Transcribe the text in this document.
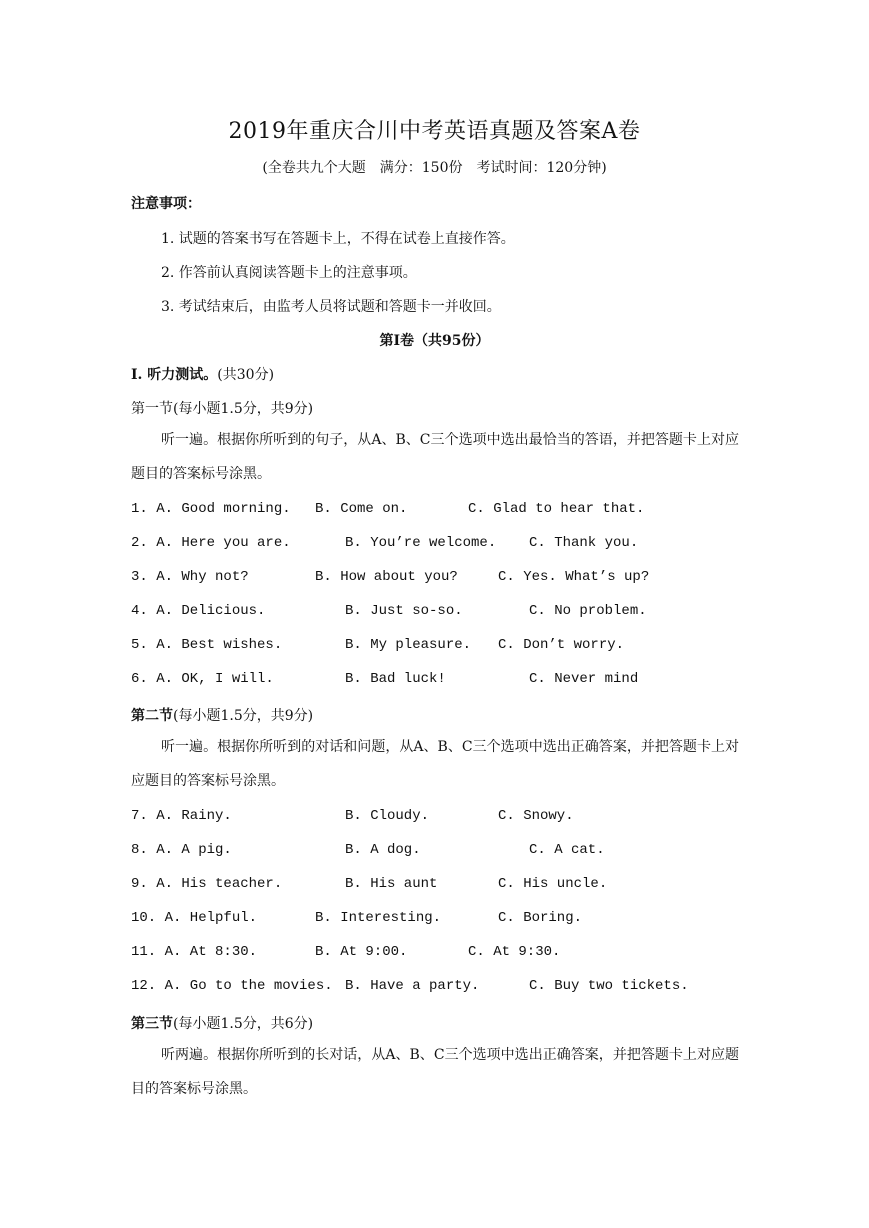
2019年重庆合川中考英语真题及答案A卷
(全卷共九个大题　满分：150份　考试时间：120分钟)
注意事项：
1. 试题的答案书写在答题卡上，不得在试卷上直接作答。
2. 作答前认真阅读答题卡上的注意事项。
3. 考试结束后，由监考人员将试题和答题卡一并收回。
第Ⅰ卷（共95份）
I. 听力测试。(共30分)
第一节(每小题1.5分，共9分)
听一遍。根据你所听到的句子，从A、B、C三个选项中选出最恰当的答语，并把答题卡上对应题目的答案标号涂黑。
1. A. Good morning. B. Come on.	C. Glad to hear that.
2. A. Here you are.	B. You’re welcome. C. Thank you.
3. A. Why not?	B. How about you?	C. Yes. What’s up?
4. A. Delicious.	B. Just so-so.	C. No problem.
5. A. Best wishes.	B. My pleasure. C. Don’t worry.
6. A. OK, I will.	B. Bad luck!	C. Never mind
第二节(每小题1.5分，共9分)
听一遍。根据你所听到的对话和问题，从A、B、C三个选项中选出正确答案，并把答题卡上对应题目的答案标号涂黑。
7. A. Rainy.	B. Cloudy.	C. Snowy.
8. A. A pig.	B. A dog.	C. A cat.
9. A. His teacher.	B. His aunt	C. His uncle.
10. A. Helpful.	B. Interesting.	C. Boring.
11. A. At 8:30.	B. At 9:00.	C. At 9:30.
12. A. Go to the movies. B. Have a party.	C. Buy two tickets.
第三节(每小题1.5分，共6分)
听两遍。根据你所听到的长对话，从A、B、C三个选项中选出正确答案，并把答题卡上对应题目的答案标号涂黑。
